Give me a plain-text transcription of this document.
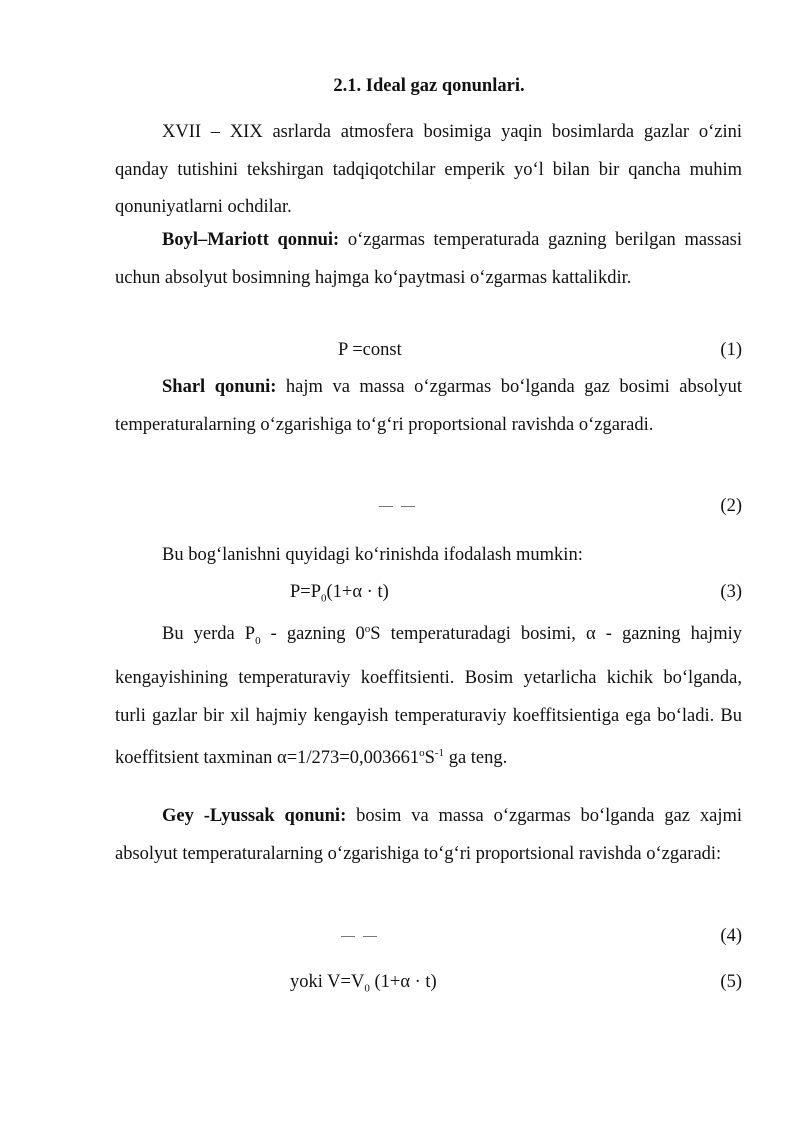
2.1. Ideal gaz qonunlari.
XVII – XIX asrlarda atmosfera bosimiga yaqin bosimlarda gazlar o‘zini qanday tutishini tekshirgan tadqiqotchilar emperik yo‘l bilan bir qancha muhim qonuniyatlarni ochdilar.
Boyl–Mariott qonnui: o‘zgarmas temperaturada gazning berilgan massasi uchun absolyut bosimning hajmga ko‘paytmasi o‘zgarmas kattalikdir.
P =const	(1)
Sharl qonuni: hajm va massa o‘zgarmas bo‘lganda gaz bosimi absolyut temperaturalarning o‘zgarishiga to‘g‘ri proportsional ravishda o‘zgaradi.
(2)
Bu bog‘lanishni quyidagi ko‘rinishda ifodalash mumkin:
$P=P_0(1+\alpha \cdot t)$	(3)
Bu yerda $P_0$ - gazning 0$^o$S temperaturadagi bosimi, α - gazning hajmiy kengayishining temperaturaviy koeffitsienti. Bosim yetarlicha kichik bo‘lganda, turli gazlar bir xil hajmiy kengayish temperaturaviy koeffitsientiga ega bo‘ladi. Bu koeffitsient taxminan $\alpha=1/273=0,003661^oS^{-1}$ ga teng.
Gey -Lyussak qonuni: bosim va massa o‘zgarmas bo‘lganda gaz xajmi absolyut temperaturalarning o‘zgarishiga to‘g‘ri proportsional ravishda o‘zgaradi:
(4)
yoki $V=V_0$ (1+α · t)	(5)
